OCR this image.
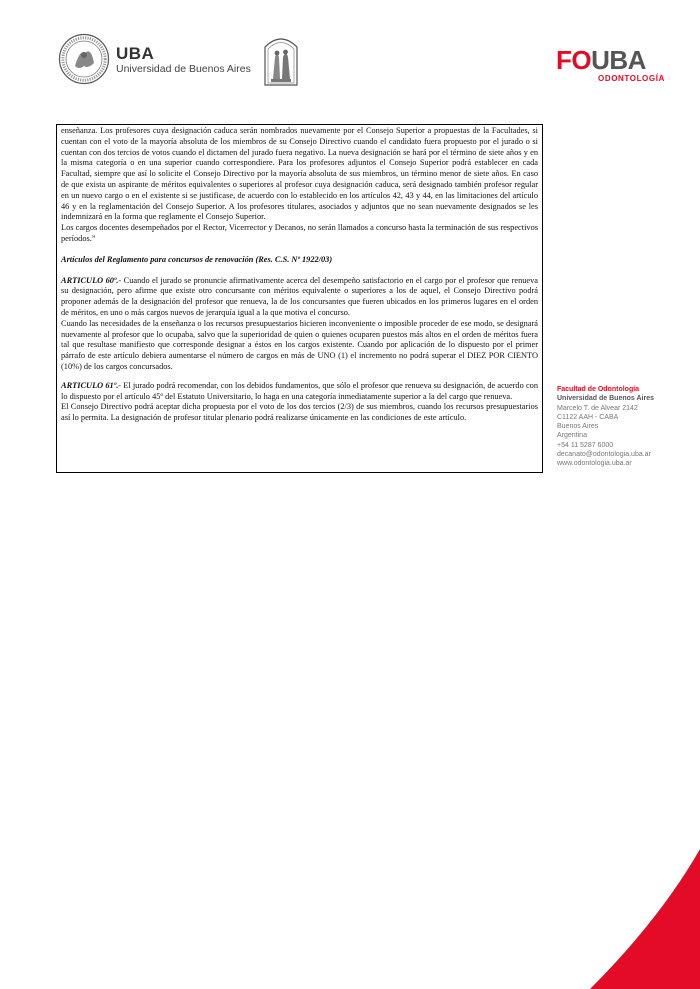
UBA
Universidad de Buenos Aires	FOUBA
ODONTOLOGÍA

enseñanza. Los profesores cuya designación caduca serán nombrados nuevamente por el Consejo Superior a propuestas de la Facultades, si cuentan con el voto de la mayoría absoluta de los miembros de su Consejo Directivo cuando el candidato fuera propuesto por el jurado o si cuentan con dos tercios de votos cuando el dictamen del jurado fuera negativo. La nueva designación se hará por el término de siete años y en la misma categoría o en una superior cuando correspondiere. Para los profesores adjuntos el Consejo Superior podrá establecer en cada Facultad, siempre que así lo solicite el Consejo Directivo por la mayoría absoluta de sus miembros, un término menor de siete años. En caso de que exista un aspirante de méritos equivalentes o superiores al profesor cuya designación caduca, será designado también profesor regular en un nuevo cargo o en el existente si se justificase, de acuerdo con lo establecido en los artículos 42, 43 y 44, en las limitaciones del artículo 46 y en la reglamentación del Consejo Superior. A los profesores titulares, asociados y adjuntos que no sean nuevamente designados se les indemnizará en la forma que reglamente el Consejo Superior.

Los cargos docentes desempeñados por el Rector, Vicerrector y Decanos, no serán llamados a concurso hasta la terminación de sus respectivos períodos.”

Artículos del Reglamento para concursos de renovación (Res. C.S. Nº 1922/03)

ARTICULO 60º.- Cuando el jurado se pronuncie afirmativamente acerca del desempeño satisfactorio en el cargo por el profesor que renueva su designación, pero afirme que existe otro concursante con méritos equivalente o superiores a los de aquel, el Consejo Directivo podrá proponer además de la designación del profesor que renueva, la de los concursantes que fueren ubicados en los primeros lugares en el orden de méritos, en uno o más cargos nuevos de jerarquía igual a la que motiva el concurso.

Cuando las necesidades de la enseñanza o los recursos presupuestarios hicieren inconveniente o imposible proceder de ese modo, se designará nuevamente al profesor que lo ocupaba, salvo que la superioridad de quien o quienes ocuparen puestos más altos en el orden de méritos fuera tal que resultase manifiesto que corresponde designar a éstos en los cargos existente. Cuando por aplicación de lo dispuesto por el primer párrafo de este artículo debiera aumentarse el número de cargos en más de UNO (1) el incremento no podrá superar el DIEZ POR CIENTO (10%) de los cargos concursados.

ARTICULO 61º.- El jurado podrá recomendar, con los debidos fundamentos, que sólo el profesor que renueva su designación, de acuerdo con lo dispuesto por el artículo 45º del Estatuto Universitario, lo haga en una categoría inmediatamente superior a la del cargo que renueva.

El Consejo Directivo podrá aceptar dicha propuesta por el voto de los dos tercios (2/3) de sus miembros, cuando los recursos presupuestarios así lo permita. La designación de profesor titular plenario podrá realizarse únicamente en las condiciones de este artículo.

Facultad de Odontología
Universidad de Buenos Aires
Marcelo T. de Alvear 2142
C1122 AAH - CABA
Buenos Aires
Argentina
+54 11 5287 6000
decanato@odontologia.uba.ar
www.odontologia.uba.ar
